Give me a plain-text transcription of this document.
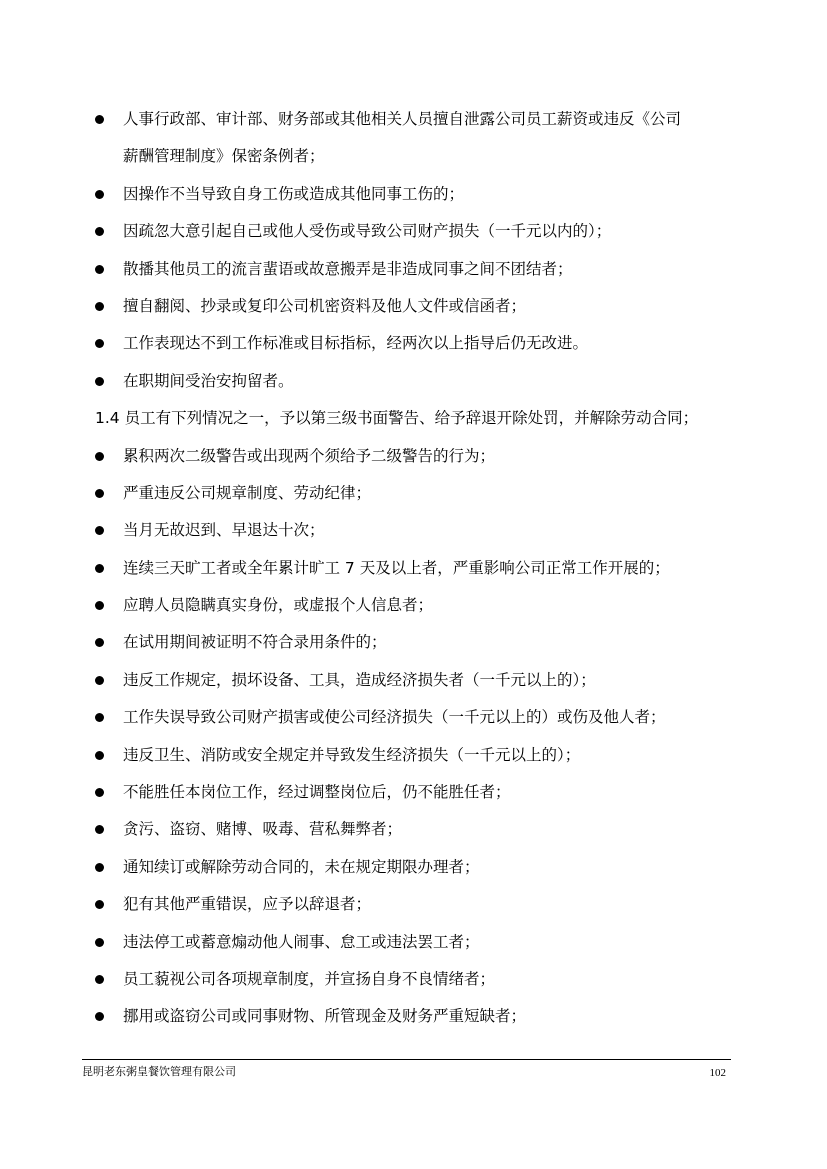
人事行政部、审计部、财务部或其他相关人员擅自泄露公司员工薪资或违反《公司
薪酬管理制度》保密条例者；
因操作不当导致自身工伤或造成其他同事工伤的；
因疏忽大意引起自己或他人受伤或导致公司财产损失（一千元以内的）；
散播其他员工的流言蜚语或故意搬弄是非造成同事之间不团结者；
擅自翻阅、抄录或复印公司机密资料及他人文件或信函者；
工作表现达不到工作标准或目标指标，经两次以上指导后仍无改进。
在职期间受治安拘留者。
1.4 员工有下列情况之一，予以第三级书面警告、给予辞退开除处罚，并解除劳动合同；
累积两次二级警告或出现两个须给予二级警告的行为；
严重违反公司规章制度、劳动纪律；
当月无故迟到、早退达十次；
连续三天旷工者或全年累计旷工 7 天及以上者，严重影响公司正常工作开展的；
应聘人员隐瞒真实身份，或虚报个人信息者；
在试用期间被证明不符合录用条件的；
违反工作规定，损坏设备、工具，造成经济损失者（一千元以上的）；
工作失误导致公司财产损害或使公司经济损失（一千元以上的）或伤及他人者；
违反卫生、消防或安全规定并导致发生经济损失（一千元以上的）；
不能胜任本岗位工作，经过调整岗位后，仍不能胜任者；
贪污、盗窃、赌博、吸毒、营私舞弊者；
通知续订或解除劳动合同的，未在规定期限办理者；
犯有其他严重错误，应予以辞退者；
违法停工或蓄意煽动他人闹事、怠工或违法罢工者；
员工藐视公司各项规章制度，并宣扬自身不良情绪者；
挪用或盗窃公司或同事财物、所管现金及财务严重短缺者；
昆明老东粥皇餐饮管理有限公司	102
